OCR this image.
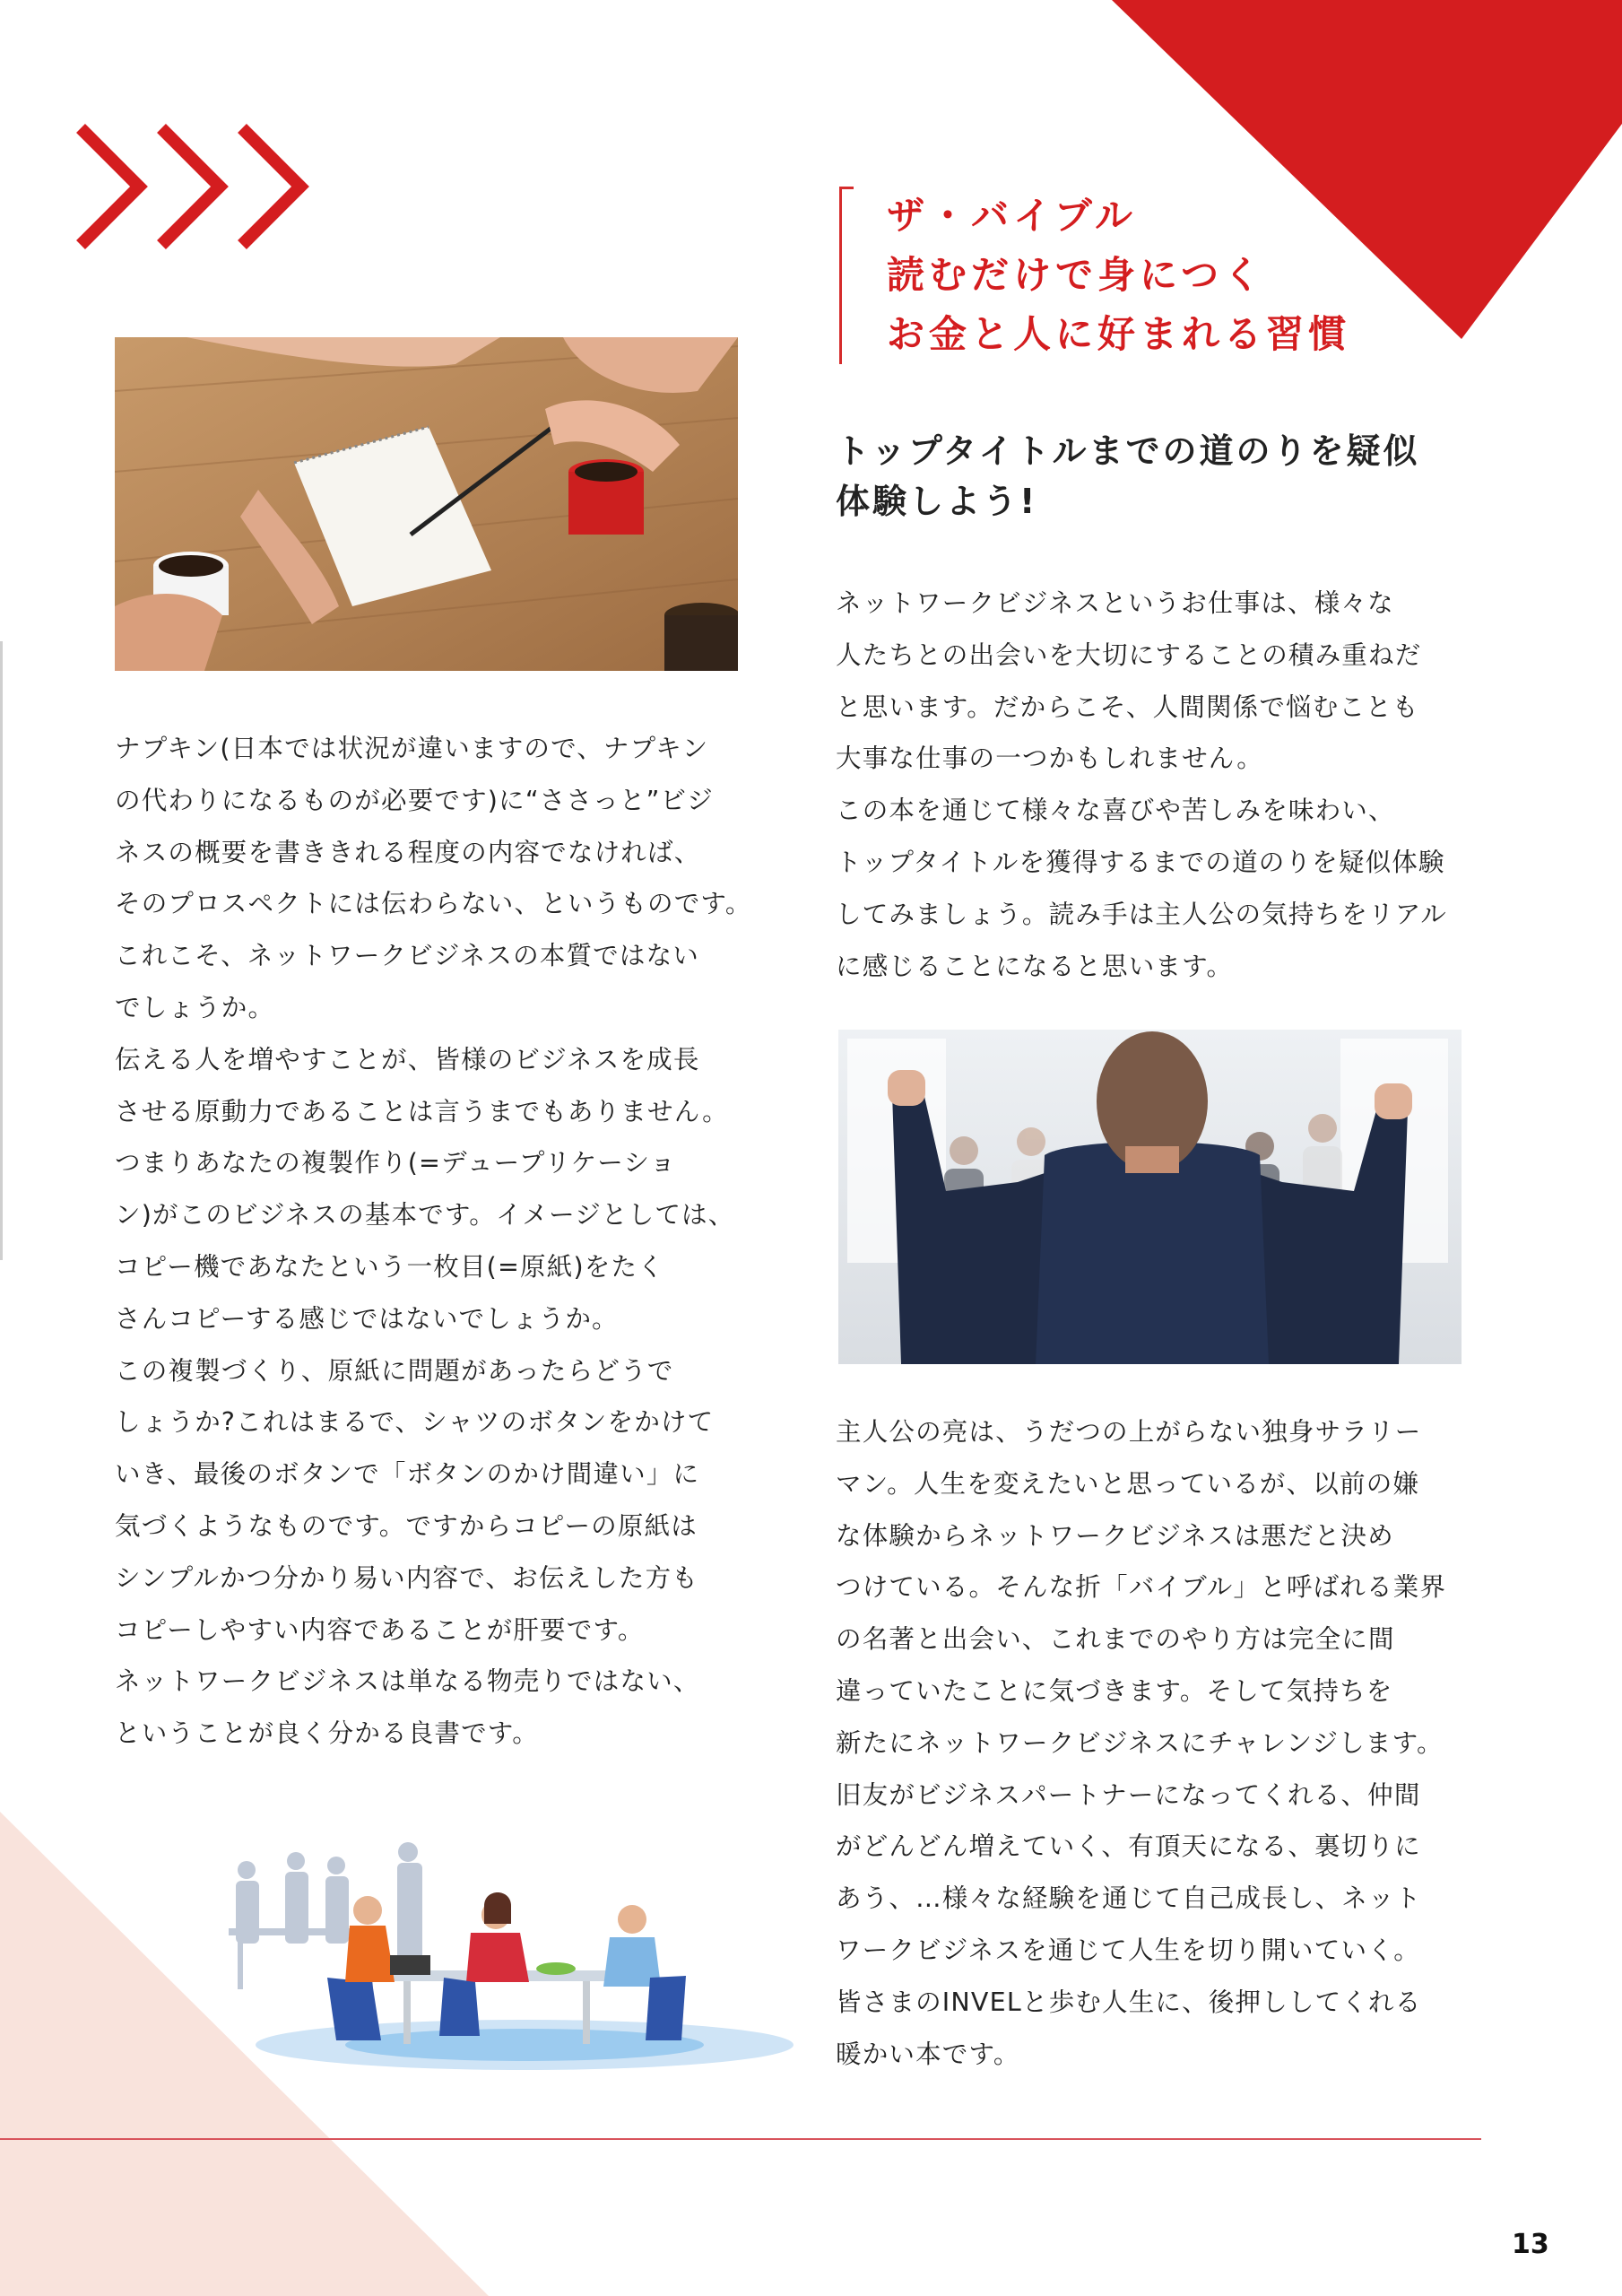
ザ・バイブル
読むだけで身につく
お金と人に好まれる習慣

ナプキン(日本では状況が違いますので、ナプキン

の代わりになるものが必要です)に“ささっと”ビジ

ネスの概要を書ききれる程度の内容でなければ、

そのプロスペクトには伝わらない、というものです。

これこそ、ネットワークビジネスの本質ではない

でしょうか。

伝える人を増やすことが、皆様のビジネスを成長

させる原動力であることは言うまでもありません。

つまりあなたの複製作り(=デュープリケーショ

ン)がこのビジネスの基本です。イメージとしては、

コピー機であなたという一枚目(=原紙)をたく

さんコピーする感じではないでしょうか。

この複製づくり、原紙に問題があったらどうで

しょうか?これはまるで、シャツのボタンをかけて

いき、最後のボタンで「ボタンのかけ間違い」に

気づくようなものです。ですからコピーの原紙は

シンプルかつ分かり易い内容で、お伝えした方も

コピーしやすい内容であることが肝要です。

ネットワークビジネスは単なる物売りではない、

ということが良く分かる良書です。

トップタイトルまでの道のりを疑似
体験しよう!

ネットワークビジネスというお仕事は、様々な

人たちとの出会いを大切にすることの積み重ねだ

と思います。だからこそ、人間関係で悩むことも

大事な仕事の一つかもしれません。

この本を通じて様々な喜びや苦しみを味わい、

トップタイトルを獲得するまでの道のりを疑似体験

してみましょう。読み手は主人公の気持ちをリアル

に感じることになると思います。

主人公の亮は、うだつの上がらない独身サラリー

マン。人生を変えたいと思っているが、以前の嫌

な体験からネットワークビジネスは悪だと決め

つけている。そんな折「バイブル」と呼ばれる業界

の名著と出会い、これまでのやり方は完全に間

違っていたことに気づきます。そして気持ちを

新たにネットワークビジネスにチャレンジします。

旧友がビジネスパートナーになってくれる、仲間

がどんどん増えていく、有頂天になる、裏切りに

あう、…様々な経験を通じて自己成長し、ネット

ワークビジネスを通じて人生を切り開いていく。

皆さまのINVELと歩む人生に、後押ししてくれる

暖かい本です。

13
